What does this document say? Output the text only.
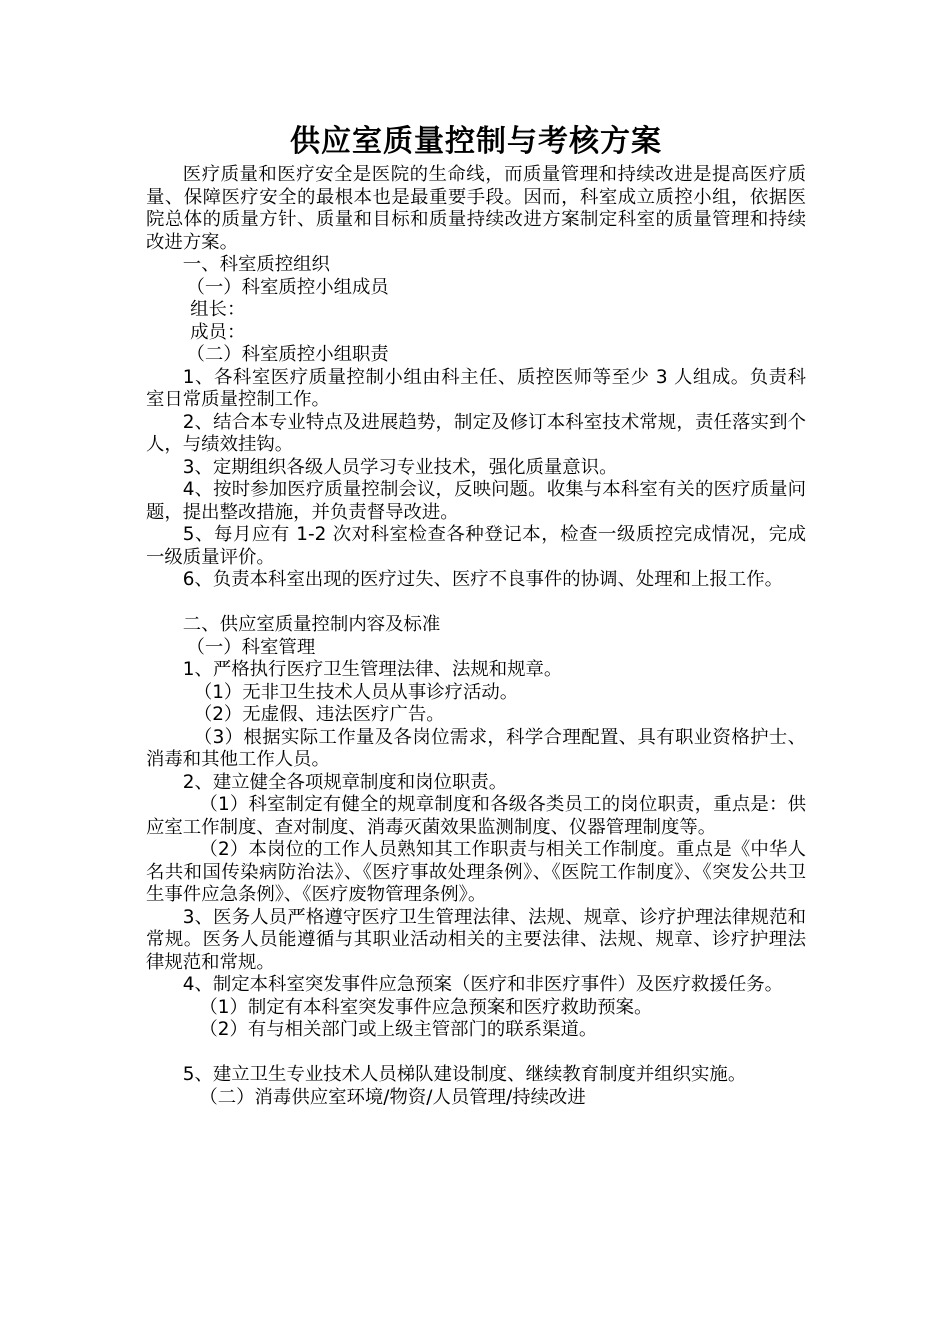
供应室质量控制与考核方案

医疗质量和医疗安全是医院的生命线，而质量管理和持续改进是提高医疗质量、保障医疗安全的最根本也是最重要手段。因而，科室成立质控小组，依据医院总体的质量方针、质量和目标和质量持续改进方案制定科室的质量管理和持续改进方案。

一、科室质控组织

（一）科室质控小组成员

组长：

成员：

（二）科室质控小组职责

1、各科室医疗质量控制小组由科主任、质控医师等至少 3 人组成。负责科室日常质量控制工作。

2、结合本专业特点及进展趋势，制定及修订本科室技术常规，责任落实到个人，与绩效挂钩。

3、定期组织各级人员学习专业技术，强化质量意识。

4、按时参加医疗质量控制会议，反映问题。收集与本科室有关的医疗质量问题，提出整改措施，并负责督导改进。

5、每月应有 1-2 次对科室检查各种登记本，检查一级质控完成情况，完成一级质量评价。

6、负责本科室出现的医疗过失、医疗不良事件的协调、处理和上报工作。

二、供应室质量控制内容及标准

（一）科室管理

1、严格执行医疗卫生管理法律、法规和规章。

（1）无非卫生技术人员从事诊疗活动。

（2）无虚假、违法医疗广告。

（3）根据实际工作量及各岗位需求，科学合理配置、具有职业资格护士、消毒和其他工作人员。

2、建立健全各项规章制度和岗位职责。

（1）科室制定有健全的规章制度和各级各类员工的岗位职责，重点是：供应室工作制度、查对制度、消毒灭菌效果监测制度、仪器管理制度等。

（2）本岗位的工作人员熟知其工作职责与相关工作制度。重点是《中华人名共和国传染病防治法》、《医疗事故处理条例》、《医院工作制度》、《突发公共卫生事件应急条例》、《医疗废物管理条例》。

3、医务人员严格遵守医疗卫生管理法律、法规、规章、诊疗护理法律规范和常规。医务人员能遵循与其职业活动相关的主要法律、法规、规章、诊疗护理法律规范和常规。

4、制定本科室突发事件应急预案（医疗和非医疗事件）及医疗救援任务。

（1）制定有本科室突发事件应急预案和医疗救助预案。

（2）有与相关部门或上级主管部门的联系渠道。

5、建立卫生专业技术人员梯队建设制度、继续教育制度并组织实施。

（二）消毒供应室环境/物资/人员管理/持续改进
